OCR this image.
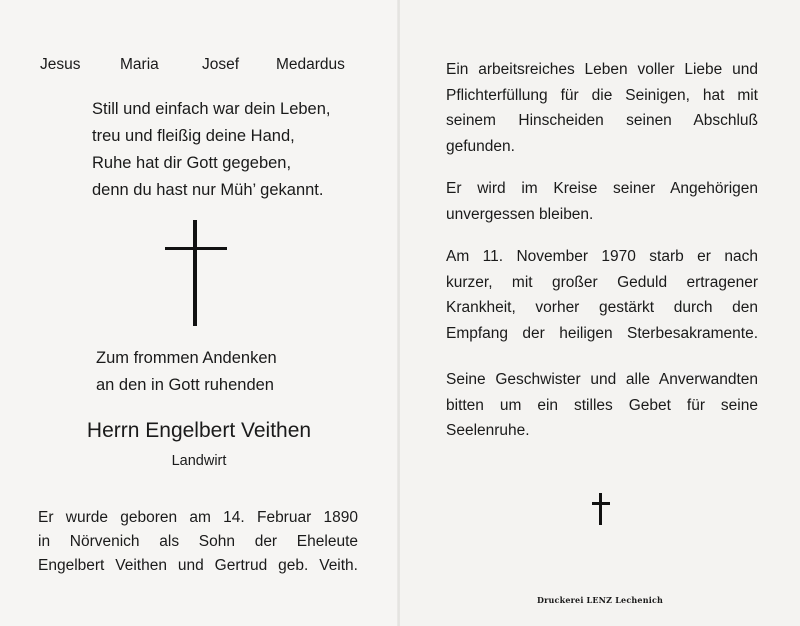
Jesus	Maria	Josef Medardus
Still und einfach war dein Leben,
treu und fleißig deine Hand,
Ruhe hat dir Gott gegeben,
denn du hast nur Müh’ gekannt.
Zum frommen Andenken
an den in Gott ruhenden
Herrn Engelbert Veithen
Landwirt
Er wurde geboren am 14. Februar 1890
in Nörvenich als Sohn der Eheleute
Engelbert Veithen und Gertrud geb. Veith.
Ein arbeitsreiches Leben voller Liebe und
Pflichterfüllung für die Seinigen, hat mit
seinem Hinscheiden seinen Abschluß
gefunden.
Er wird im Kreise seiner Angehörigen
unvergessen bleiben.
Am 11. November 1970 starb er nach
kurzer, mit großer Geduld ertragener
Krankheit, vorher gestärkt durch den
Empfang der heiligen Sterbesakramente.
Seine Geschwister und alle Anverwandten
bitten um ein stilles Gebet für seine
Seelenruhe.
Druckerei LENZ Lechenich
